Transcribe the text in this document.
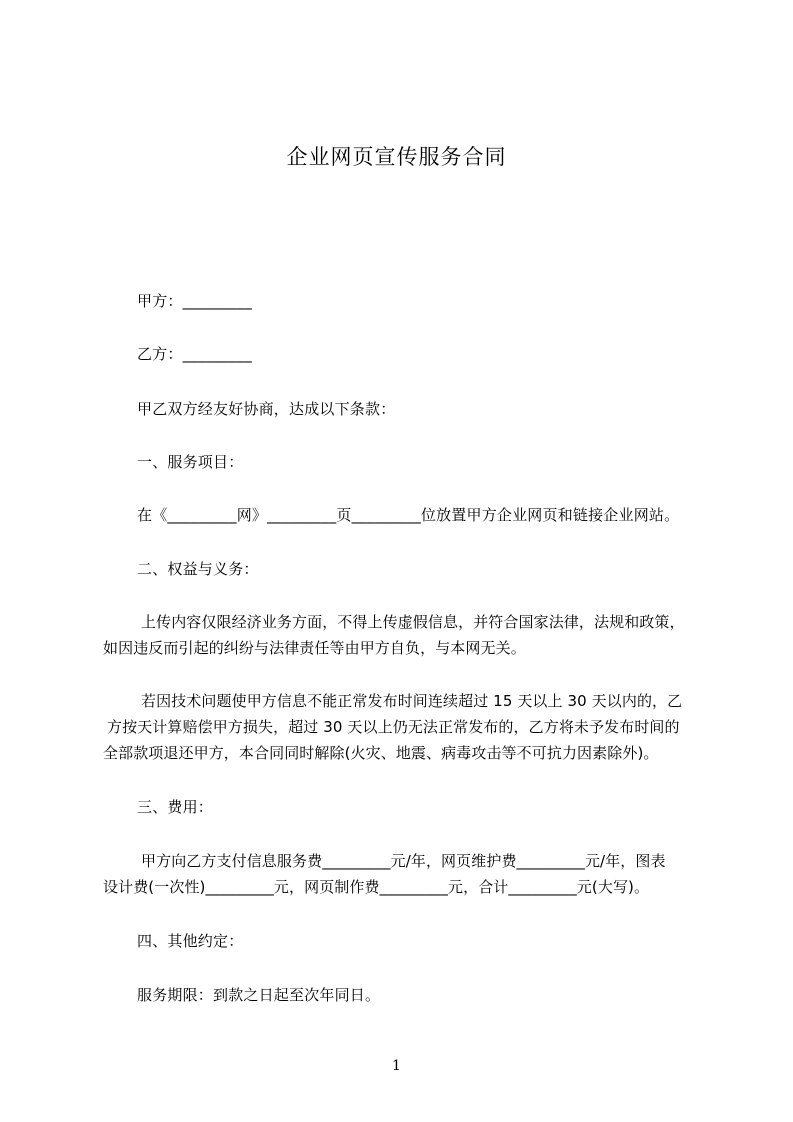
企业网页宣传服务合同
甲方：_________
乙方：_________
甲乙双方经友好协商，达成以下条款：
一、服务项目：
在《_________网》_________页_________位放置甲方企业网页和链接企业网站。
二、权益与义务：
上传内容仅限经济业务方面，不得上传虚假信息，并符合国家法律，法规和政策，
如因违反而引起的纠纷与法律责任等由甲方自负，与本网无关。
若因技术问题使甲方信息不能正常发布时间连续超过 15 天以上 30 天以内的，乙
方按天计算赔偿甲方损失，超过 30 天以上仍无法正常发布的，乙方将未予发布时间的
全部款项退还甲方，本合同同时解除(火灾、地震、病毒攻击等不可抗力因素除外)。
三、费用：
甲方向乙方支付信息服务费_________元/年，网页维护费_________元/年，图表
设计费(一次性)_________元，网页制作费_________元，合计_________元(大写)。
四、其他约定：
服务期限：到款之日起至次年同日。
1
